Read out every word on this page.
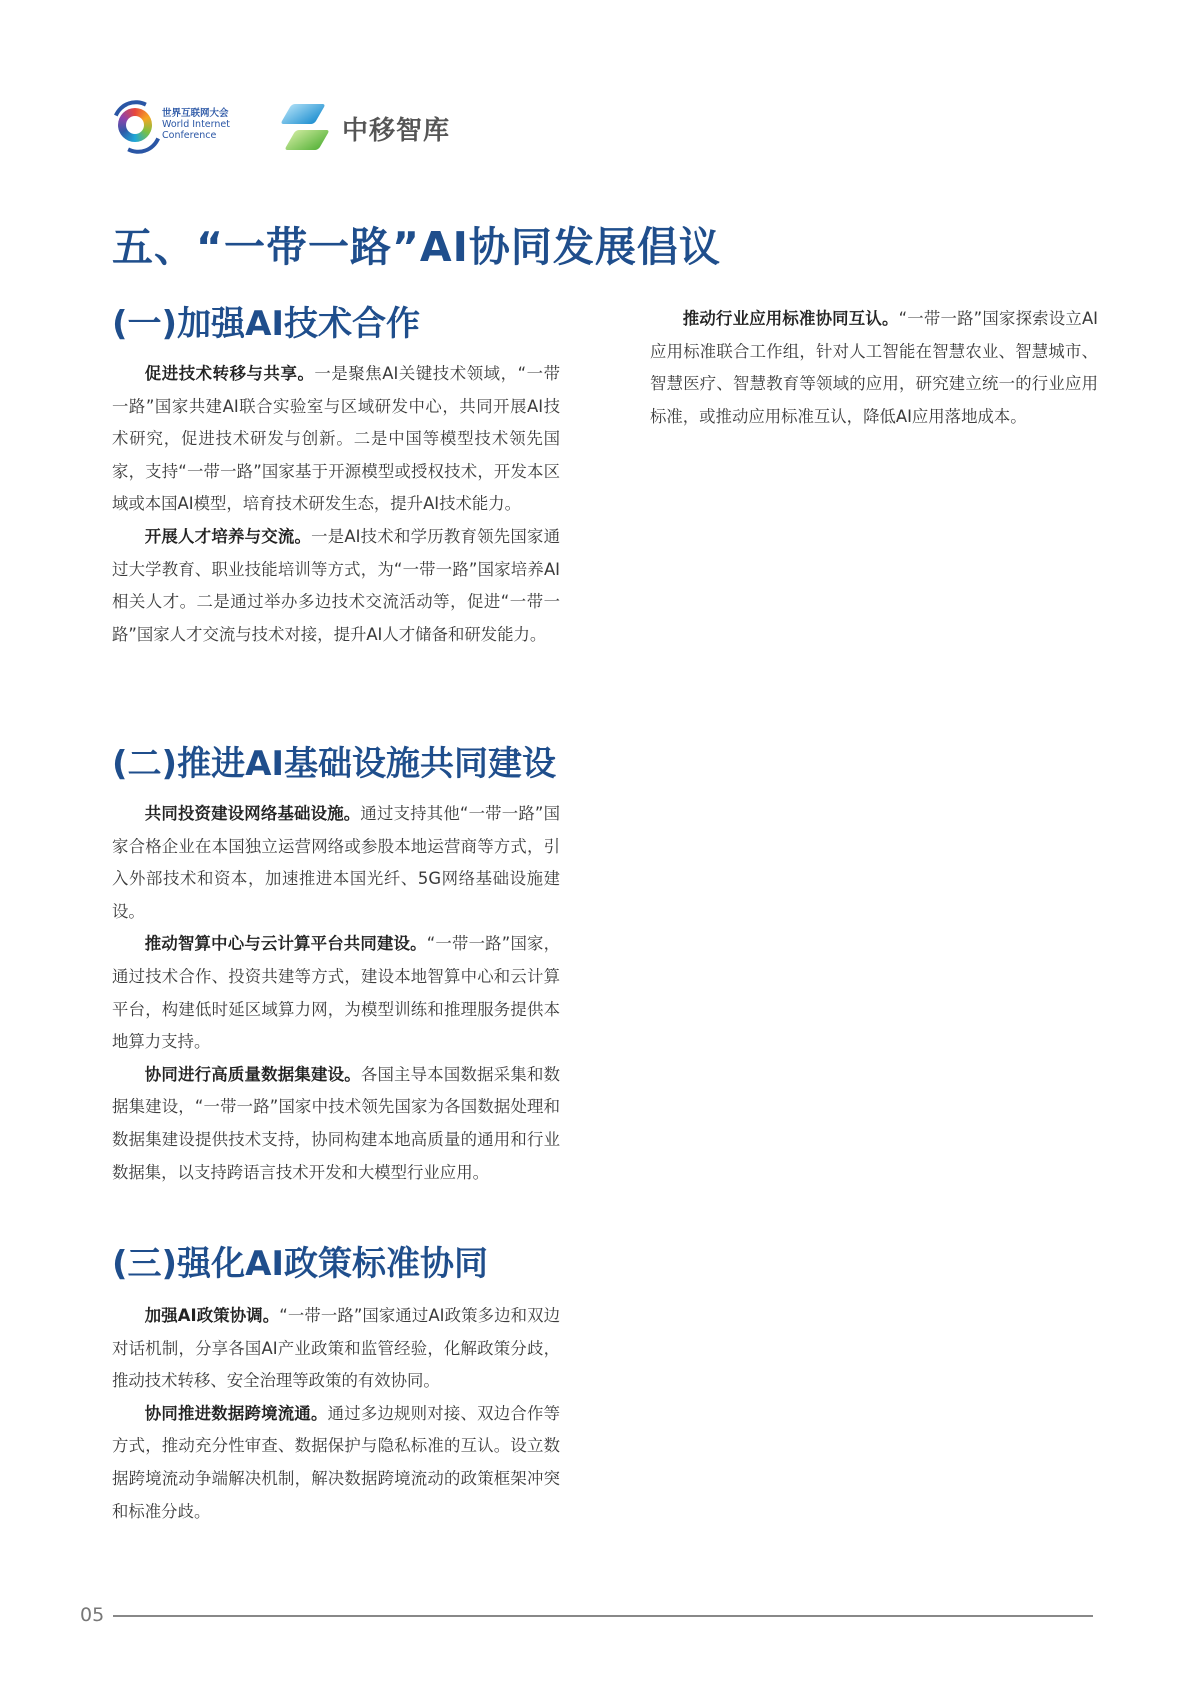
世界互联网大会
World Internet
Conference	中移智库
五、“一带一路”AI协同发展倡议
(一)加强AI技术合作

促进技术转移与共享。一是聚焦AI关键技术领域，“一带一路”国家共建AI联合实验室与区域研发中心，共同开展AI技术研究，促进技术研发与创新。二是中国等模型技术领先国家，支持“一带一路”国家基于开源模型或授权技术，开发本区域或本国AI模型，培育技术研发生态，提升AI技术能力。

开展人才培养与交流。一是AI技术和学历教育领先国家通过大学教育、职业技能培训等方式，为“一带一路”国家培养AI相关人才。二是通过举办多边技术交流活动等，促进“一带一路”国家人才交流与技术对接，提升AI人才储备和研发能力。

(二)推进AI基础设施共同建设

共同投资建设网络基础设施。通过支持其他“一带一路”国家合格企业在本国独立运营网络或参股本地运营商等方式，引入外部技术和资本，加速推进本国光纤、5G网络基础设施建设。

推动智算中心与云计算平台共同建设。“一带一路”国家，通过技术合作、投资共建等方式，建设本地智算中心和云计算平台，构建低时延区域算力网，为模型训练和推理服务提供本地算力支持。

协同进行高质量数据集建设。各国主导本国数据采集和数据集建设，“一带一路”国家中技术领先国家为各国数据处理和数据集建设提供技术支持，协同构建本地高质量的通用和行业数据集，以支持跨语言技术开发和大模型行业应用。

(三)强化AI政策标准协同

加强AI政策协调。“一带一路”国家通过AI政策多边和双边对话机制，分享各国AI产业政策和监管经验，化解政策分歧，推动技术转移、安全治理等政策的有效协同。

协同推进数据跨境流通。通过多边规则对接、双边合作等方式，推动充分性审查、数据保护与隐私标准的互认。设立数据跨境流动争端解决机制，解决数据跨境流动的政策框架冲突和标准分歧。

推动行业应用标准协同互认。“一带一路”国家探索设立AI应用标准联合工作组，针对人工智能在智慧农业、智慧城市、智慧医疗、智慧教育等领域的应用，研究建立统一的行业应用标准，或推动应用标准互认，降低AI应用落地成本。

05
